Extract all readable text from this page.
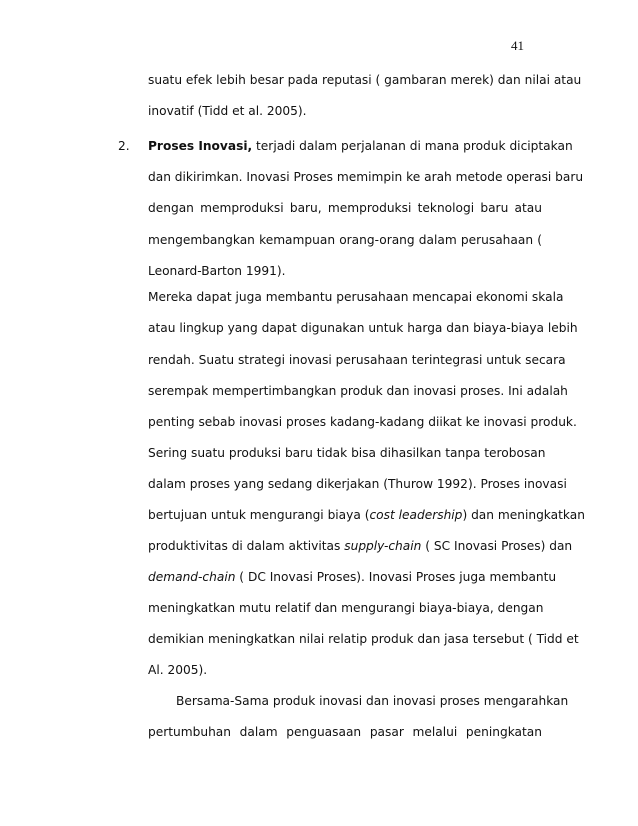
41
suatu efek lebih besar pada reputasi ( gambaran merek) dan nilai atau
inovatif (Tidd et al. 2005).
2. Proses Inovasi, terjadi dalam perjalanan di mana produk diciptakan
dan dikirimkan. Inovasi Proses memimpin ke arah metode operasi baru
dengan memproduksi baru, memproduksi teknologi baru atau
mengembangkan kemampuan orang-orang dalam perusahaan (
Leonard-Barton 1991).
Mereka dapat juga membantu perusahaan mencapai ekonomi skala
atau lingkup yang dapat digunakan untuk harga dan biaya-biaya lebih
rendah. Suatu strategi inovasi perusahaan terintegrasi untuk secara
serempak mempertimbangkan produk dan inovasi proses. Ini adalah
penting sebab inovasi proses kadang-kadang diikat ke inovasi produk.
Sering suatu produksi baru tidak bisa dihasilkan tanpa terobosan
dalam proses yang sedang dikerjakan (Thurow 1992). Proses inovasi
bertujuan untuk mengurangi biaya (cost leadership) dan meningkatkan
produktivitas di dalam aktivitas supply-chain ( SC Inovasi Proses) dan
demand-chain ( DC Inovasi Proses). Inovasi Proses juga membantu
meningkatkan mutu relatif dan mengurangi biaya-biaya, dengan
demikian meningkatkan nilai relatip produk dan jasa tersebut ( Tidd et
Al. 2005).
Bersama-Sama produk inovasi dan inovasi proses mengarahkan
pertumbuhan dalam penguasaan pasar melalui peningkatan
